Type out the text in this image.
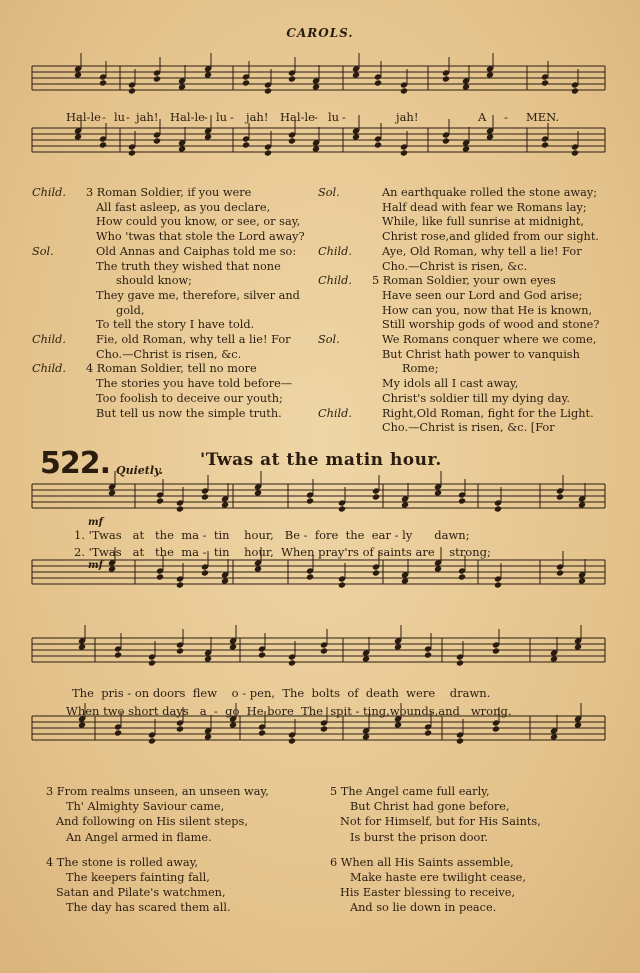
CAROLS.
Hal-le - lu - jah! Hal-le - lu - jah! Hal-le - lu -	jah!	A - MEN.
Child. 3 Roman Soldier, if you were
All fast asleep, as you declare,
How could you know, or see, or say,
Who 'twas that stole the Lord away?
Sol.	Old Annas and Caiphas told me so:
The truth they wished that none
should know;
They gave me, therefore, silver and
gold,
To tell the story I have told.
Child.	Fie, old Roman, why tell a lie! For
Cho.—Christ is risen, &c.
Child. 4 Roman Soldier, tell no more
The stories you have told before—
Too foolish to deceive our youth;
But tell us now the simple truth.
Sol.	An earthquake rolled the stone away;
Half dead with fear we Romans lay;
While, like full sunrise at midnight,
Christ rose,and glided from our sight.
Child.	Aye, Old Roman, why tell a lie! For
Cho.—Christ is risen, &c.
Child. 5 Roman Soldier, your own eyes
Have seen our Lord and God arise;
How can you, now that He is known,
Still worship gods of wood and stone?
Sol.	We Romans conquer where we come,
But Christ hath power to vanquish
Rome;
My idols all I cast away,
Christ's soldier till my dying day.
Child.	Right,Old Roman, fight for the Light.
Cho.—Christ is risen, &c. [For
522.	'Twas at the matin hour.
Quietly.
mf
mf
1. 'Twas   at   the  ma -  tin    hour,   Be -  fore  the  ear - ly      dawn;
2. 'Twas   at   the  ma -  tin    hour,  When pray'rs of saints are    strong;
The  pris - on doors  flew    o - pen,  The  bolts  of  death  were    drawn.
When two short days   a  -  go  He bore  The  spit - ting,wounds,and   wrong.
3 From realms unseen, an unseen way,
Th' Almighty Saviour came,
And following on His silent steps,
An Angel armed in flame.
4 The stone is rolled away,
The keepers fainting fall,
Satan and Pilate's watchmen,
The day has scared them all.
5 The Angel came full early,
But Christ had gone before,
Not for Himself, but for His Saints,
Is burst the prison door.
6 When all His Saints assemble,
Make haste ere twilight cease,
His Easter blessing to receive,
And so lie down in peace.
